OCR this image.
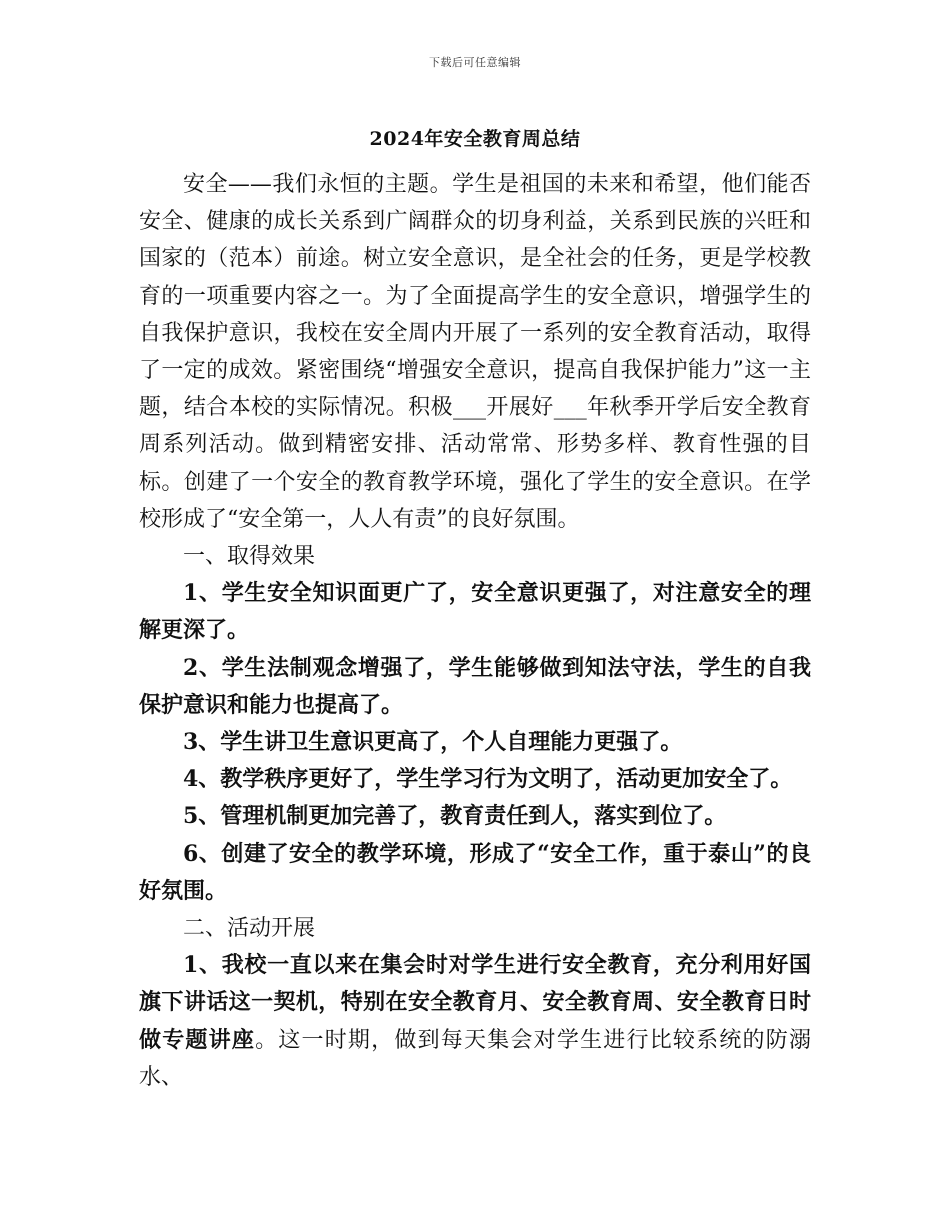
下载后可任意编辑
2024年安全教育周总结

安全——我们永恒的主题。学生是祖国的未来和希望，他们能否安全、健康的成长关系到广阔群众的切身利益，关系到民族的兴旺和国家的（范本）前途。树立安全意识，是全社会的任务，更是学校教育的一项重要内容之一。为了全面提高学生的安全意识，增强学生的自我保护意识，我校在安全周内开展了一系列的安全教育活动，取得了一定的成效。紧密围绕“增强安全意识，提高自我保护能力”这一主题，结合本校的实际情况。积极___开展好___年秋季开学后安全教育周系列活动。做到精密安排、活动常常、形势多样、教育性强的目标。创建了一个安全的教育教学环境，强化了学生的安全意识。在学校形成了“安全第一，人人有责”的良好氛围。

一、取得效果

1、学生安全知识面更广了，安全意识更强了，对注意安全的理解更深了。

2、学生法制观念增强了，学生能够做到知法守法，学生的自我保护意识和能力也提高了。

3、学生讲卫生意识更高了，个人自理能力更强了。

4、教学秩序更好了，学生学习行为文明了，活动更加安全了。

5、管理机制更加完善了，教育责任到人，落实到位了。

6、创建了安全的教学环境，形成了“安全工作，重于泰山”的良好氛围。

二、活动开展

1、我校一直以来在集会时对学生进行安全教育，充分利用好国旗下讲话这一契机，特别在安全教育月、安全教育周、安全教育日时做专题讲座。这一时期，做到每天集会对学生进行比较系统的防溺水、
